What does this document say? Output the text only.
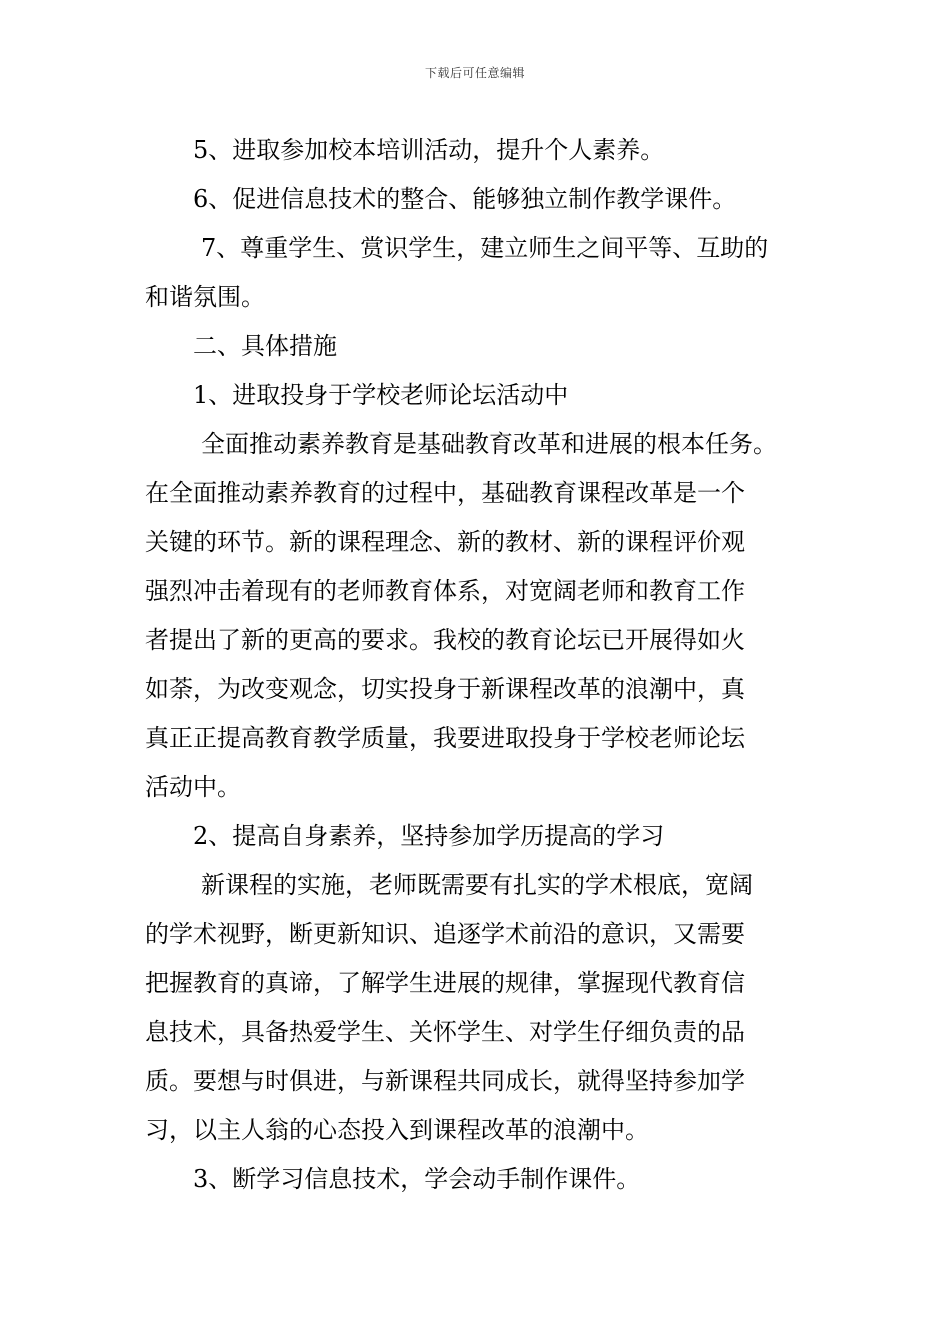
下载后可任意编辑
5、进取参加校本培训活动，提升个人素养。
6、促进信息技术的整合、能够独立制作教学课件。
7、尊重学生、赏识学生，建立师生之间平等、互助的
和谐氛围。
二、具体措施
1、进取投身于学校老师论坛活动中
全面推动素养教育是基础教育改革和进展的根本任务。
在全面推动素养教育的过程中，基础教育课程改革是一个
关键的环节。新的课程理念、新的教材、新的课程评价观
强烈冲击着现有的老师教育体系，对宽阔老师和教育工作
者提出了新的更高的要求。我校的教育论坛已开展得如火
如荼，为改变观念，切实投身于新课程改革的浪潮中，真
真正正提高教育教学质量，我要进取投身于学校老师论坛
活动中。
2、提高自身素养，坚持参加学历提高的学习
新课程的实施，老师既需要有扎实的学术根底，宽阔
的学术视野，断更新知识、追逐学术前沿的意识，又需要
把握教育的真谛，了解学生进展的规律，掌握现代教育信
息技术，具备热爱学生、关怀学生、对学生仔细负责的品
质。要想与时俱进，与新课程共同成长，就得坚持参加学
习，以主人翁的心态投入到课程改革的浪潮中。
3、断学习信息技术，学会动手制作课件。
